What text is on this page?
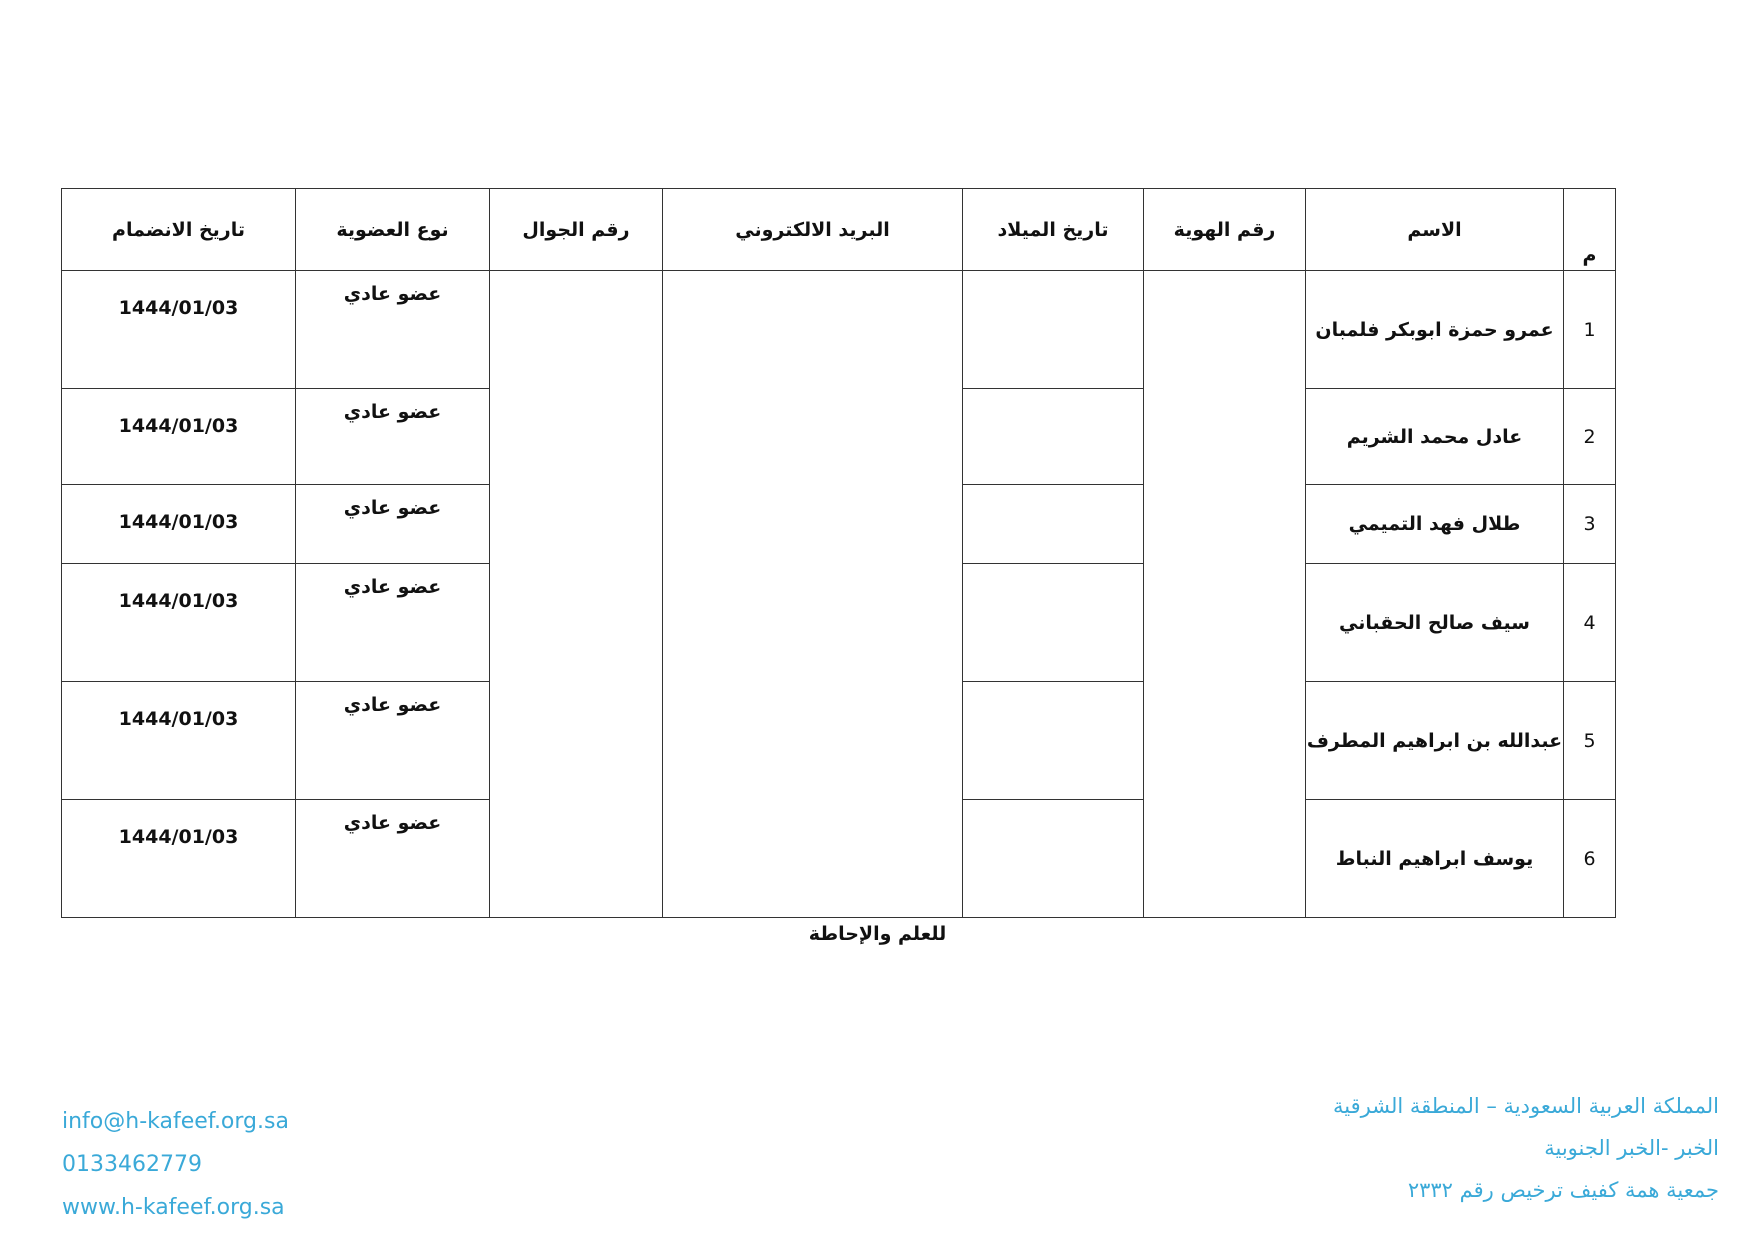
م	الاسم	رقم الهوية	تاريخ الميلاد	البريد الالكتروني	رقم الجوال	نوع العضوية	تاريخ الانضمام
1	عمرو حمزة ابوبكر فلمبان					عضو عادي	1444/01/03
2	عادل محمد الشريم					عضو عادي	1444/01/03
3	طلال فهد التميمي					عضو عادي	1444/01/03
4	سيف صالح الحقباني					عضو عادي	1444/01/03
5	عبدالله بن ابراهيم المطرف					عضو عادي	1444/01/03
6	يوسف ابراهيم النباط					عضو عادي	1444/01/03
للعلم والإحاطة
info@h-kafeef.org.sa
0133462779
www.h-kafeef.org.sa
المملكة العربية السعودية – المنطقة الشرقية
الخبر -الخبر الجنوبية
جمعية همة كفيف ترخيص رقم ٢٣٣٢
